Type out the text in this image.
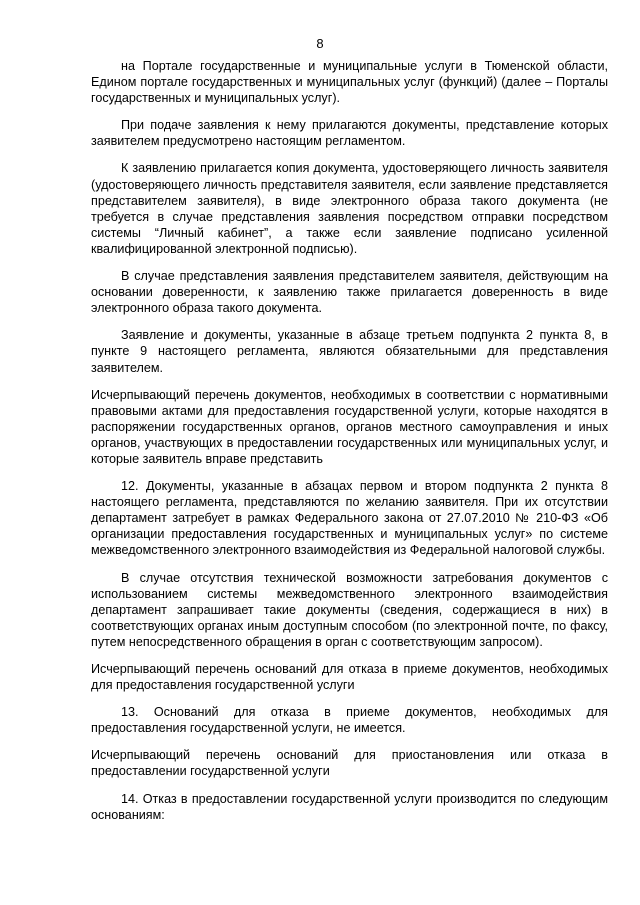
8

на Портале государственные и муниципальные услуги в Тюменской области, Едином портале государственных и муниципальных услуг (функций) (далее – Порталы государственных и муниципальных услуг).

При подаче заявления к нему прилагаются документы, представление которых заявителем предусмотрено настоящим регламентом.

К заявлению прилагается копия документа, удостоверяющего личность заявителя (удостоверяющего личность представителя заявителя, если заявление представляется представителем заявителя), в виде электронного образа такого документа (не требуется в случае представления заявления посредством отправки посредством системы “Личный кабинет”, а также если заявление подписано усиленной квалифицированной электронной подписью).

В случае представления заявления представителем заявителя, действующим на основании доверенности, к заявлению также прилагается доверенность в виде электронного образа такого документа.

Заявление и документы, указанные в абзаце третьем подпункта 2 пункта 8, в пункте 9 настоящего регламента, являются обязательными для представления заявителем.

Исчерпывающий перечень документов, необходимых в соответствии с нормативными правовыми актами для предоставления государственной услуги, которые находятся в распоряжении государственных органов, органов местного самоуправления и иных органов, участвующих в предоставлении государственных или муниципальных услуг, и которые заявитель вправе представить

12. Документы, указанные в абзацах первом и втором подпункта 2 пункта 8 настоящего регламента, представляются по желанию заявителя. При их отсутствии департамент затребует в рамках Федерального закона от 27.07.2010 № 210-ФЗ «Об организации предоставления государственных и муниципальных услуг» по системе межведомственного электронного взаимодействия из Федеральной налоговой службы.

В случае отсутствия технической возможности затребования документов с использованием системы межведомственного электронного взаимодействия департамент запрашивает такие документы (сведения, содержащиеся в них) в соответствующих органах иным доступным способом (по электронной почте, по факсу, путем непосредственного обращения в орган с соответствующим запросом).

Исчерпывающий перечень оснований для отказа в приеме документов, необходимых для предоставления государственной услуги

13. Оснований для отказа в приеме документов, необходимых для предоставления государственной услуги, не имеется.

Исчерпывающий перечень оснований для приостановления или отказа в предоставлении государственной услуги

14. Отказ в предоставлении государственной услуги производится по следующим основаниям:
